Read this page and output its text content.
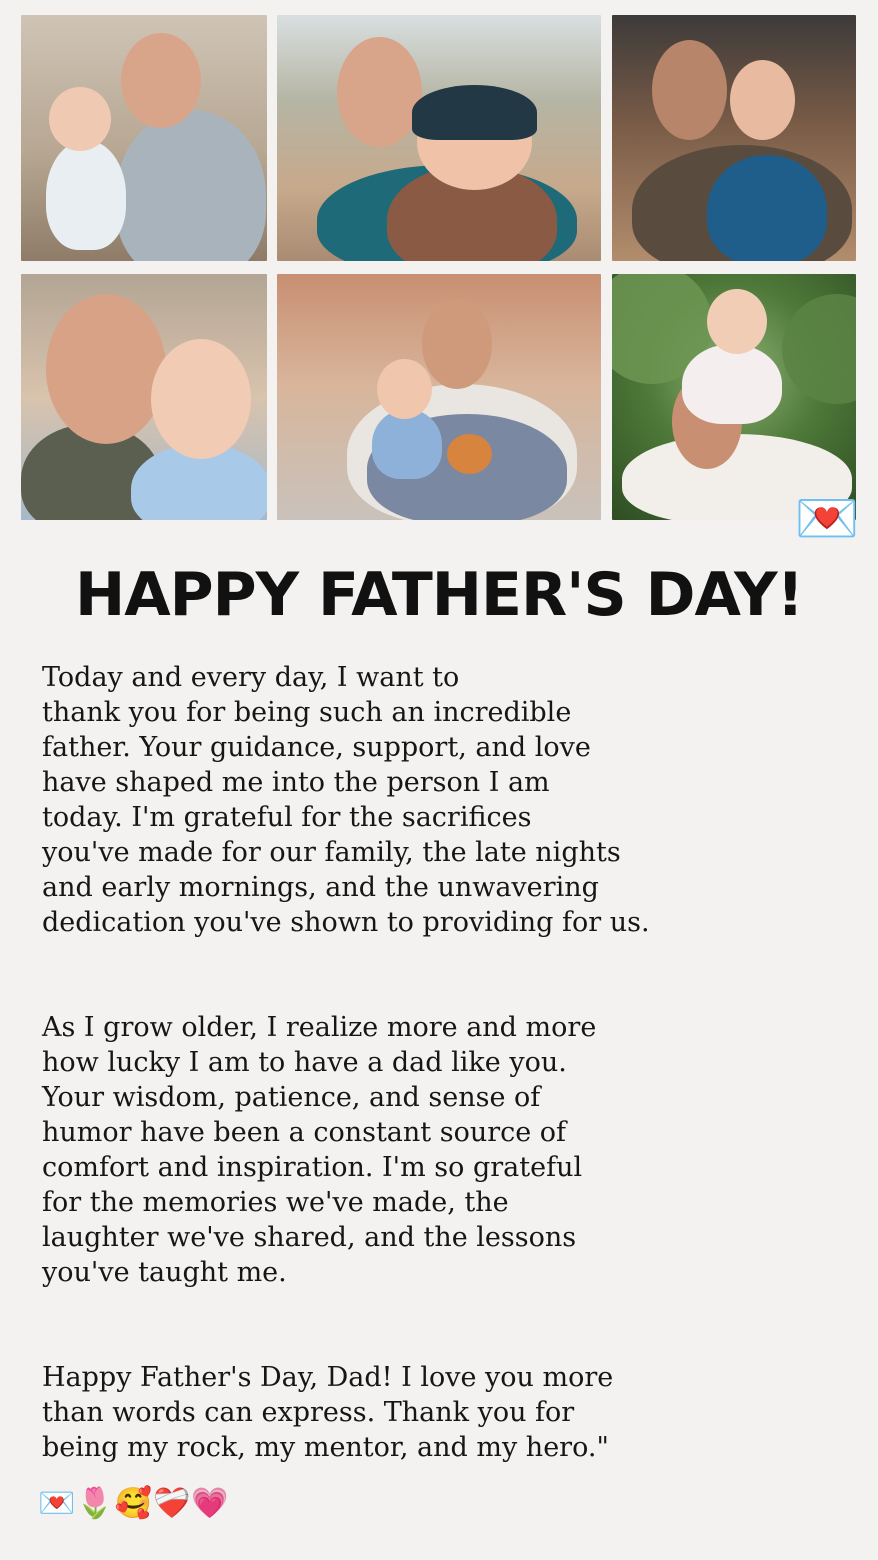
💌
HAPPY FATHER'S DAY!

Today and every day, I want to
thank you for being such an incredible
father. Your guidance, support, and love
have shaped me into the person I am
today. I'm grateful for the sacrifices
you've made for our family, the late nights
and early mornings, and the unwavering
dedication you've shown to providing for us.

As I grow older, I realize more and more
how lucky I am to have a dad like you.
Your wisdom, patience, and sense of
humor have been a constant source of
comfort and inspiration. I'm so grateful
for the memories we've made, the
laughter we've shared, and the lessons
you've taught me.

Happy Father's Day, Dad! I love you more
than words can express. Thank you for
being my rock, my mentor, and my hero."

💌🌷🥰❤️‍🩹💗
